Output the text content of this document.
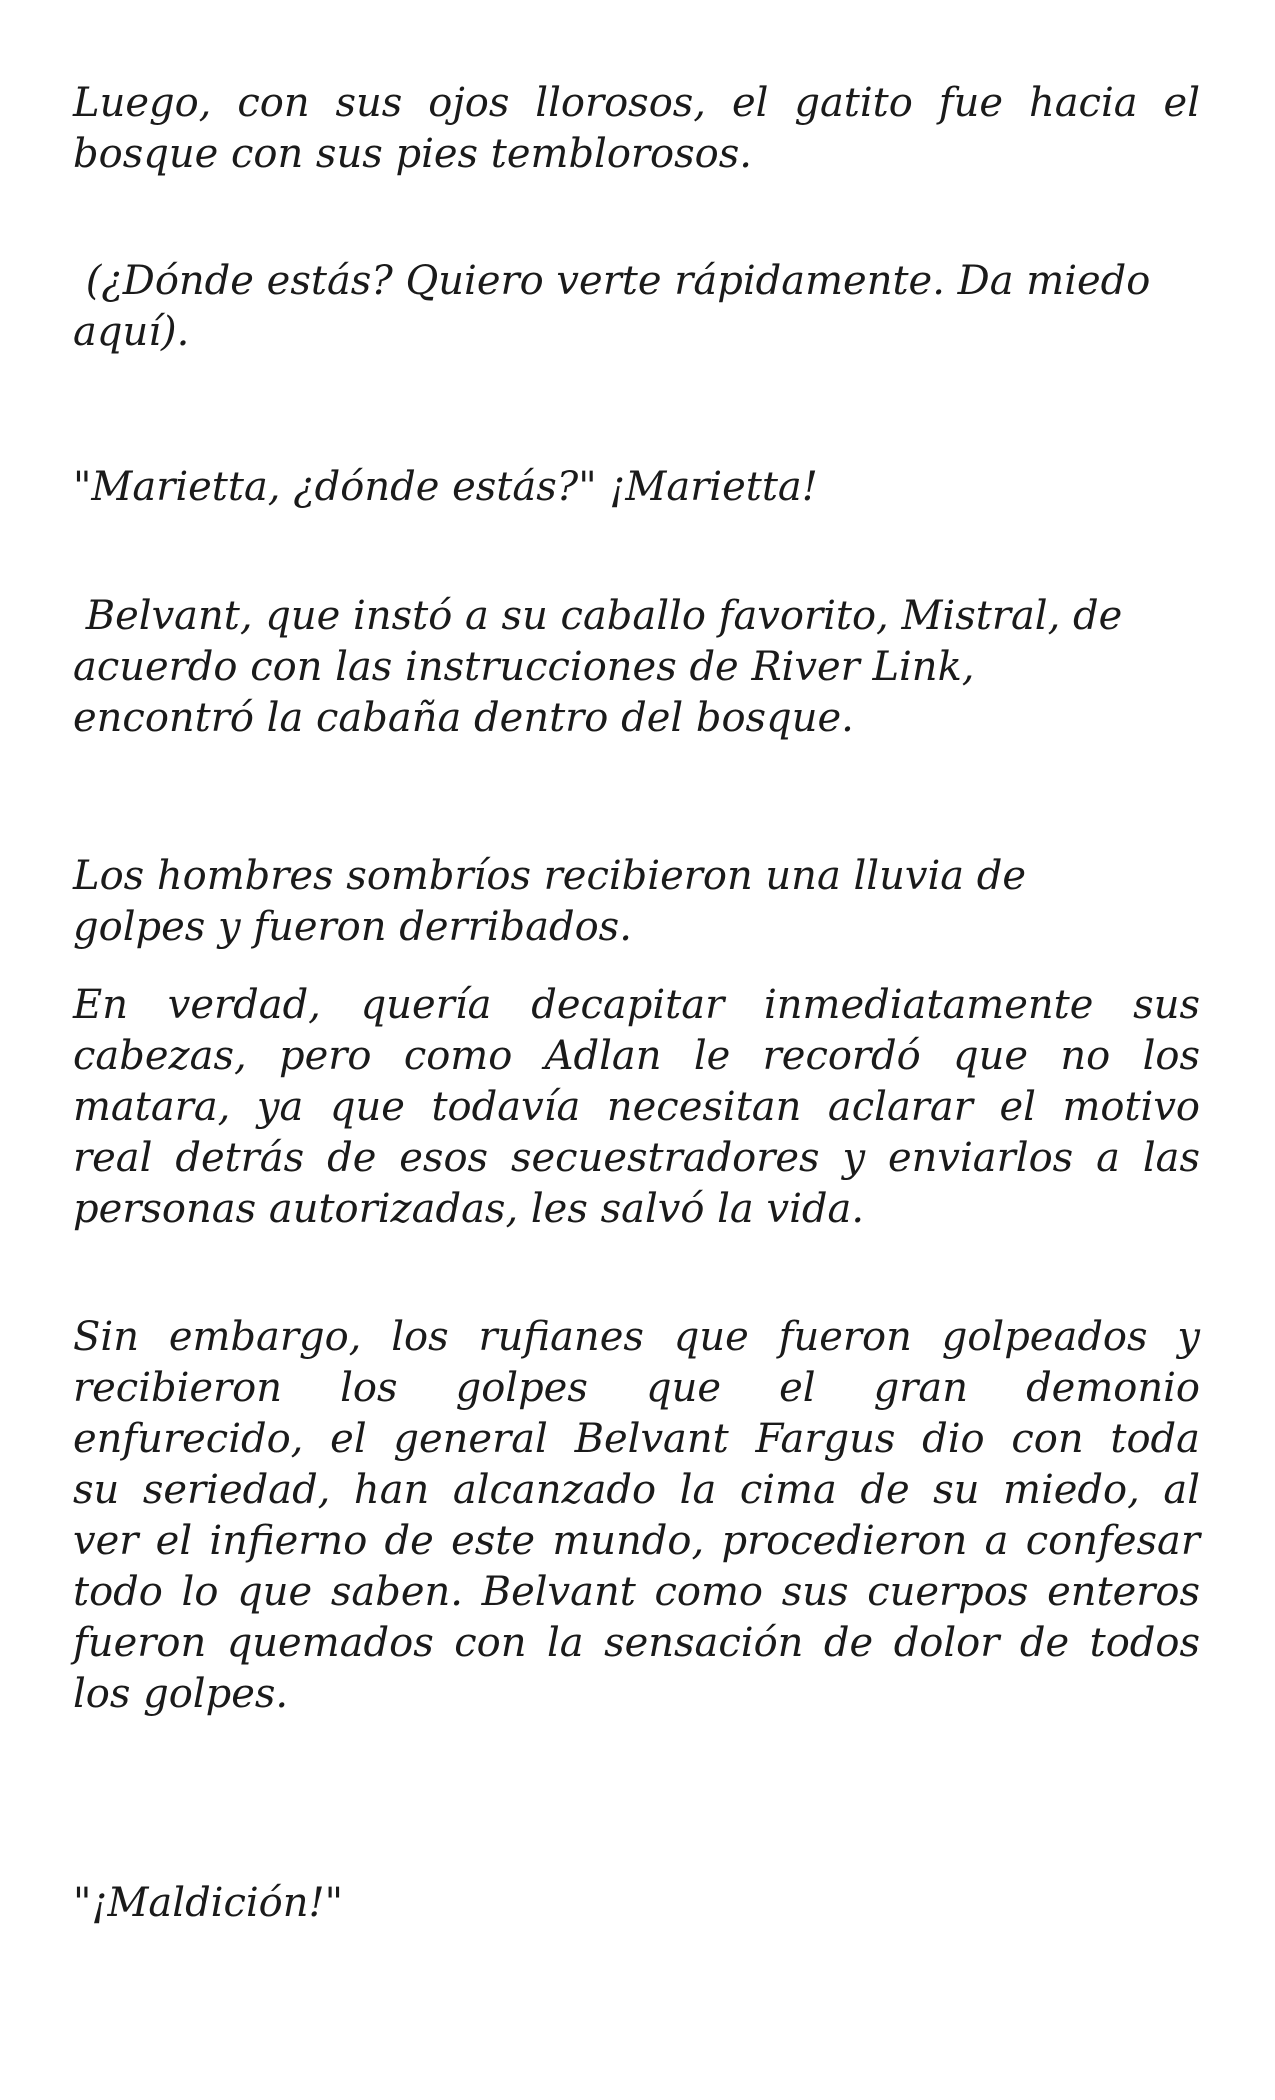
Luego, con sus ojos llorosos, el gatito fue hacia el
bosque con sus pies temblorosos.

(¿Dónde estás? Quiero verte rápidamente. Da miedo
aquí).

"Marietta, ¿dónde estás?" ¡Marietta!

Belvant, que instó a su caballo favorito, Mistral, de
acuerdo con las instrucciones de River Link,
encontró la cabaña dentro del bosque.

Los hombres sombríos recibieron una lluvia de
golpes y fueron derribados.

En verdad, quería decapitar inmediatamente sus
cabezas, pero como Adlan le recordó que no los
matara, ya que todavía necesitan aclarar el motivo
real detrás de esos secuestradores y enviarlos a las
personas autorizadas, les salvó la vida.

Sin embargo, los rufianes que fueron golpeados y
recibieron los golpes que el gran demonio
enfurecido, el general Belvant Fargus dio con toda
su seriedad, han alcanzado la cima de su miedo, al
ver el infierno de este mundo, procedieron a confesar
todo lo que saben. Belvant como sus cuerpos enteros
fueron quemados con la sensación de dolor de todos
los golpes.

"¡Maldición!"
